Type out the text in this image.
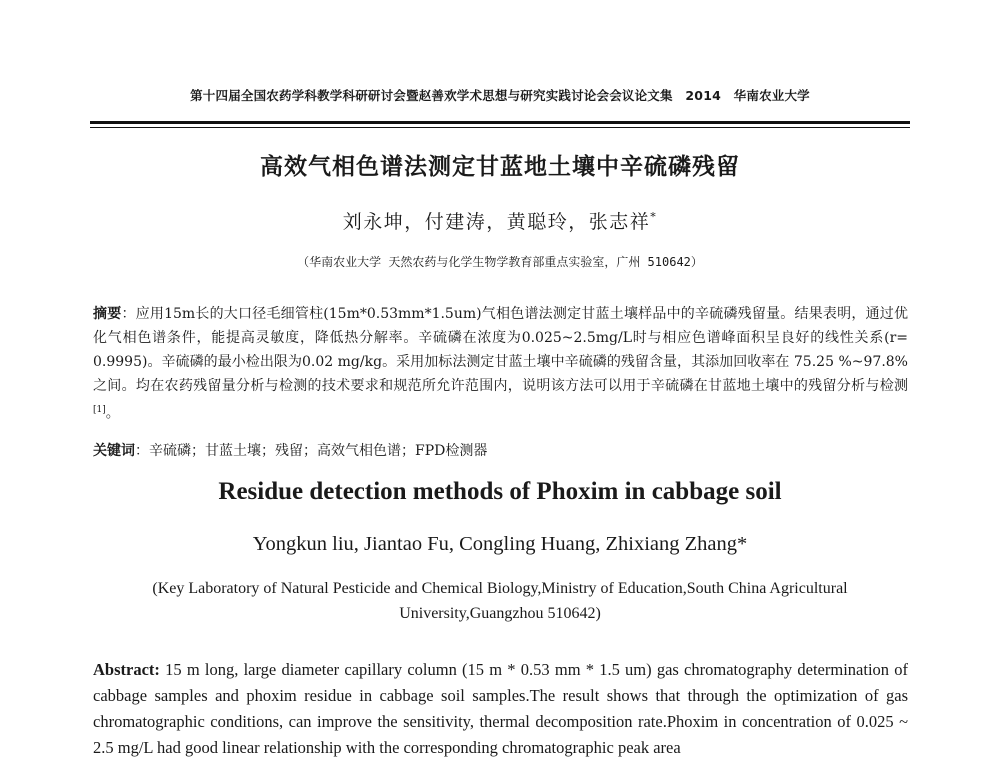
第十四届全国农药学科教学科研研讨会暨赵善欢学术思想与研究实践讨论会会议论文集　2014　华南农业大学
高效气相色谱法测定甘蓝地土壤中辛硫磷残留
刘永坤，付建涛，黄聪玲，张志祥*
（华南农业大学 天然农药与化学生物学教育部重点实验室，广州 510642）
摘要：应用15m长的大口径毛细管柱(15m*0.53mm*1.5um)气相色谱法测定甘蓝土壤样品中的辛硫磷残留量。结果表明，通过优化气相色谱条件，能提高灵敏度，降低热分解率。辛硫磷在浓度为0.025~2.5mg/L时与相应色谱峰面积呈良好的线性关系(r= 0.9995)。辛硫磷的最小检出限为0.02 mg/kg。采用加标法测定甘蓝土壤中辛硫磷的残留含量，其添加回收率在 75.25 %~97.8%之间。均在农药残留量分析与检测的技术要求和规范所允许范围内，说明该方法可以用于辛硫磷在甘蓝地土壤中的残留分析与检测[1]。
关键词：辛硫磷；甘蓝土壤；残留；高效气相色谱；FPD检测器
Residue detection methods of Phoxim in cabbage soil
Yongkun liu, Jiantao Fu, Congling Huang, Zhixiang Zhang*
(Key Laboratory of Natural Pesticide and Chemical Biology,Ministry of Education,South China Agricultural University,Guangzhou 510642)
Abstract: 15 m long, large diameter capillary column (15 m * 0.53 mm * 1.5 um) gas chromatography determination of cabbage samples and phoxim residue in cabbage soil samples.The result shows that through the optimization of gas chromatographic conditions, can improve the sensitivity, thermal decomposition rate.Phoxim in concentration of 0.025 ~ 2.5 mg/L had good linear relationship with the corresponding chromatographic peak area
